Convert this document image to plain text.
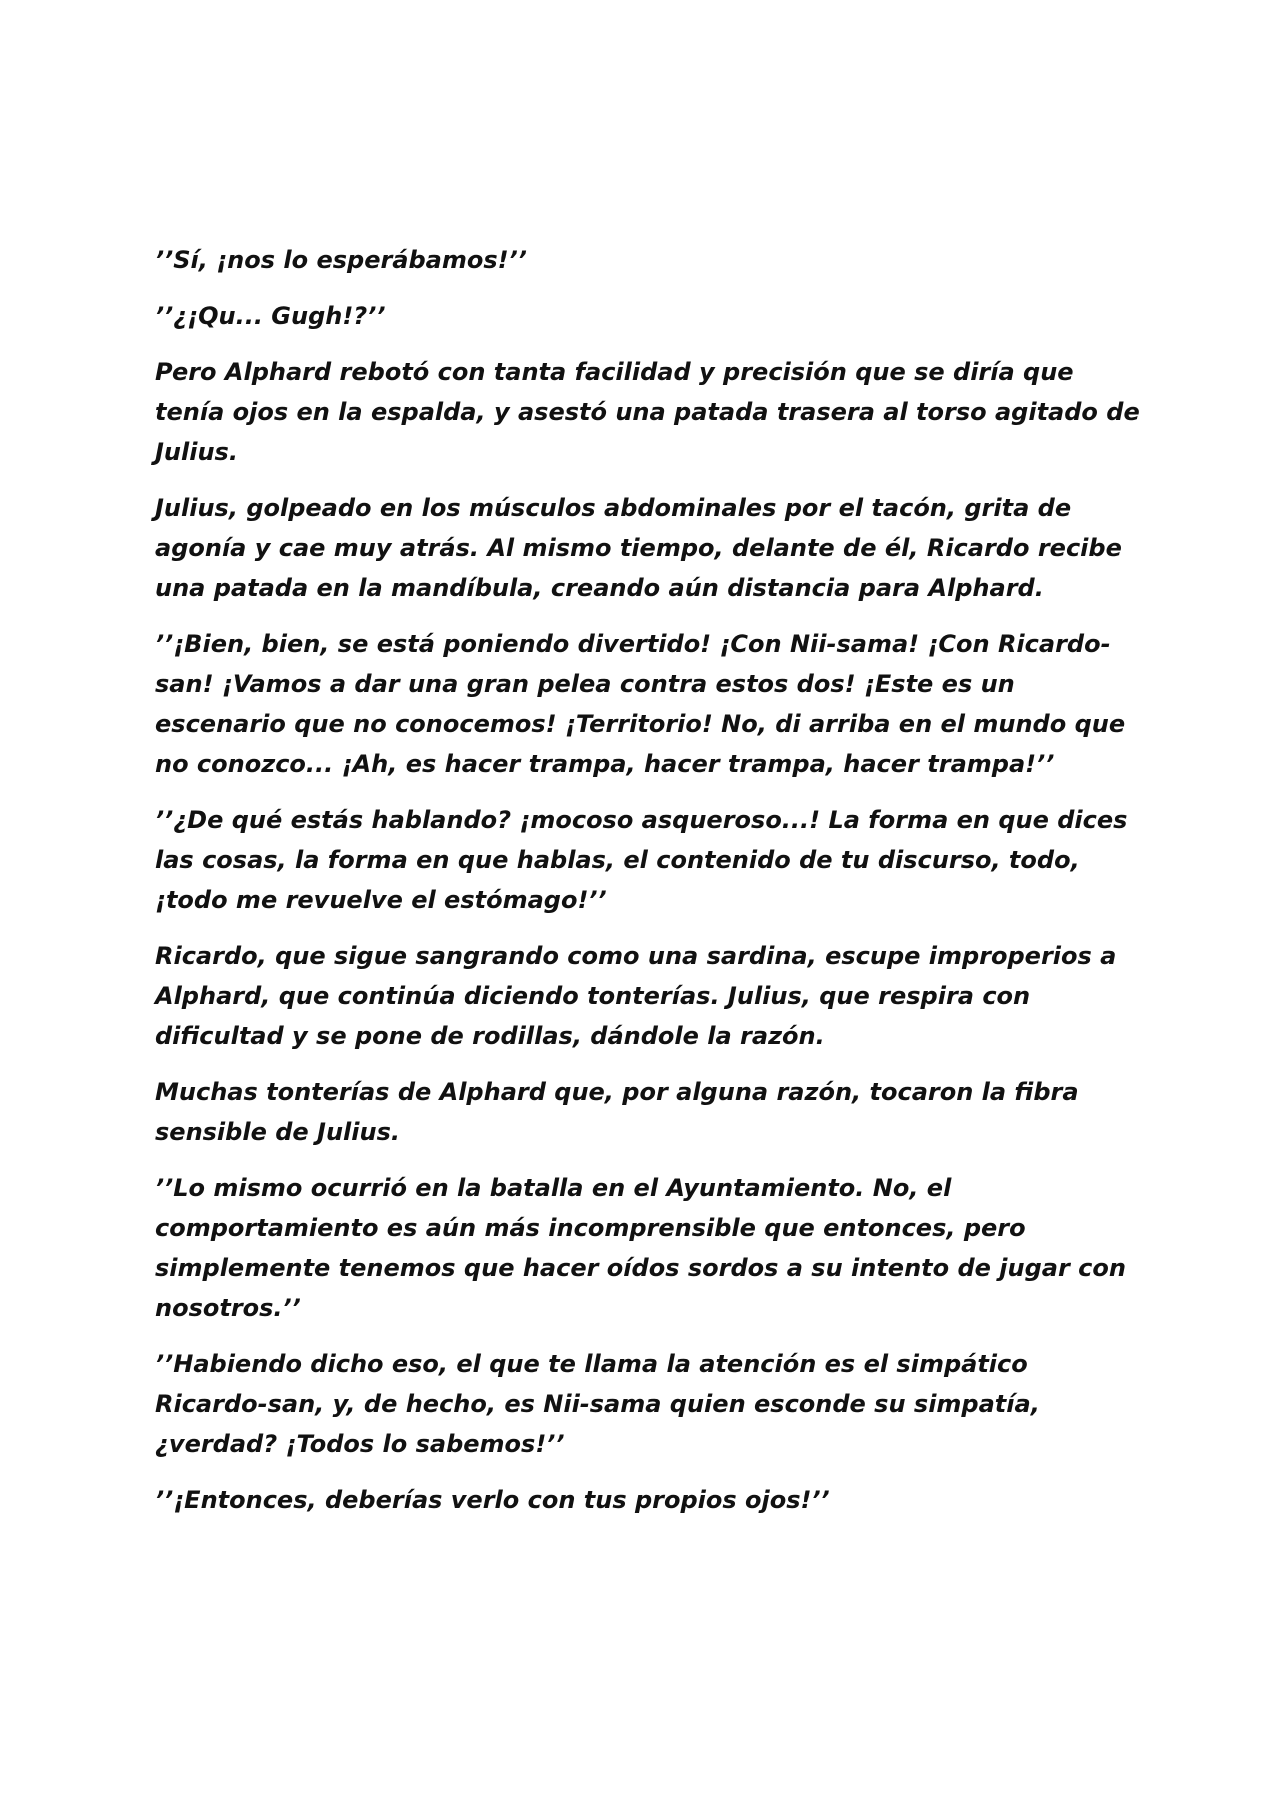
’’Sí, ¡nos lo esperábamos!’’

’’¿¡Qu... Gugh!?’’

Pero Alphard rebotó con tanta facilidad y precisión que se diría que tenía ojos en la espalda, y asestó una patada trasera al torso agitado de Julius.

Julius, golpeado en los músculos abdominales por el tacón, grita de agonía y cae muy atrás. Al mismo tiempo, delante de él, Ricardo recibe una patada en la mandíbula, creando aún distancia para Alphard.

’’¡Bien, bien, se está poniendo divertido! ¡Con Nii-sama! ¡Con Ricardo-san! ¡Vamos a dar una gran pelea contra estos dos! ¡Este es un escenario que no conocemos! ¡Territorio! No, di arriba en el mundo que no conozco... ¡Ah, es hacer trampa, hacer trampa, hacer trampa!’’

’’¿De qué estás hablando? ¡mocoso asqueroso...! La forma en que dices las cosas, la forma en que hablas, el contenido de tu discurso, todo, ¡todo me revuelve el estómago!’’

Ricardo, que sigue sangrando como una sardina, escupe improperios a Alphard, que continúa diciendo tonterías. Julius, que respira con dificultad y se pone de rodillas, dándole la razón.

Muchas tonterías de Alphard que, por alguna razón, tocaron la fibra sensible de Julius.

’’Lo mismo ocurrió en la batalla en el Ayuntamiento. No, el comportamiento es aún más incomprensible que entonces, pero simplemente tenemos que hacer oídos sordos a su intento de jugar con nosotros.’’

’’Habiendo dicho eso, el que te llama la atención es el simpático Ricardo-san, y, de hecho, es Nii-sama quien esconde su simpatía, ¿verdad? ¡Todos lo sabemos!’’

’’¡Entonces, deberías verlo con tus propios ojos!’’
